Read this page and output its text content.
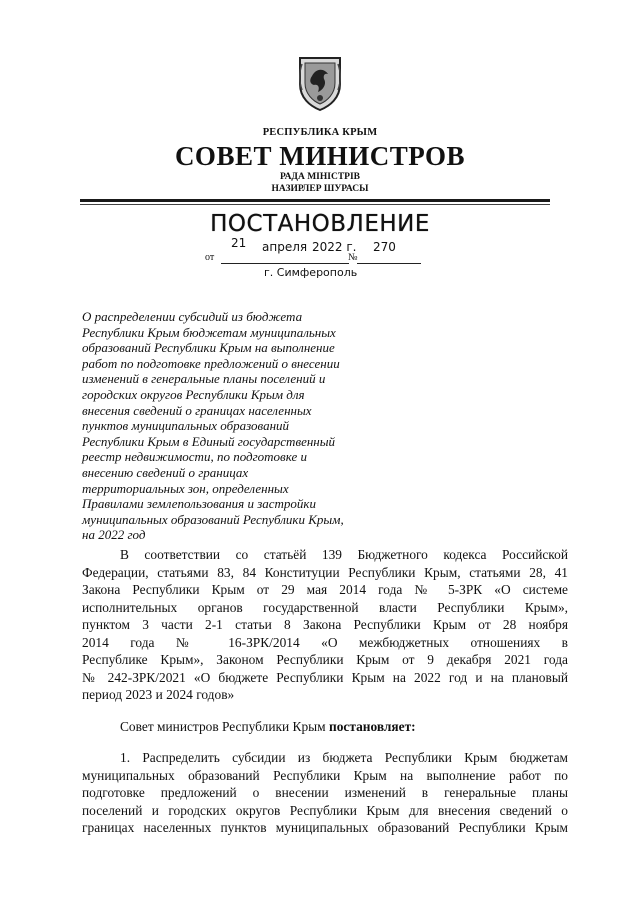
РЕСПУБЛИКА КРЫМ
СОВЕТ МИНИСТРОВ
РАДА МІНІСТРІВ
НАЗИРЛЕР ШУРАСЫ
ПОСТАНОВЛЕНИЕ
21 апреля 2022 г. 270
от	№
г. Симферополь
О распределении субсидий из бюджета
Республики Крым бюджетам муниципальных
образований Республики Крым на выполнение
работ по подготовке предложений о внесении
изменений в генеральные планы поселений и
городских округов Республики Крым для
внесения сведений о границах населенных
пунктов муниципальных образований
Республики Крым в Единый государственный
реестр недвижимости, по подготовке и
внесению сведений о границах
территориальных зон, определенных
Правилами землепользования и застройки
муниципальных образований Республики Крым,
на 2022 год
В соответствии со статьёй 139 Бюджетного кодекса Российской
Федерации, статьями 83, 84 Конституции Республики Крым, статьями 28, 41
Закона Республики Крым от 29 мая 2014 года № 5-ЗРК «О системе
исполнительных органов государственной власти Республики Крым»,
пунктом 3 части 2-1 статьи 8 Закона Республики Крым от 28 ноября
2014 года № 16-ЗРК/2014 «О межбюджетных отношениях в
Республике Крым», Законом Республики Крым от 9 декабря 2021 года
№ 242-ЗРК/2021 «О бюджете Республики Крым на 2022 год и на плановый
период 2023 и 2024 годов»
Совет министров Республики Крым постановляет:
1. Распределить субсидии из бюджета Республики Крым бюджетам
муниципальных образований Республики Крым на выполнение работ по
подготовке предложений о внесении изменений в генеральные планы
поселений и городских округов Республики Крым для внесения сведений о
границах населенных пунктов муниципальных образований Республики Крым
